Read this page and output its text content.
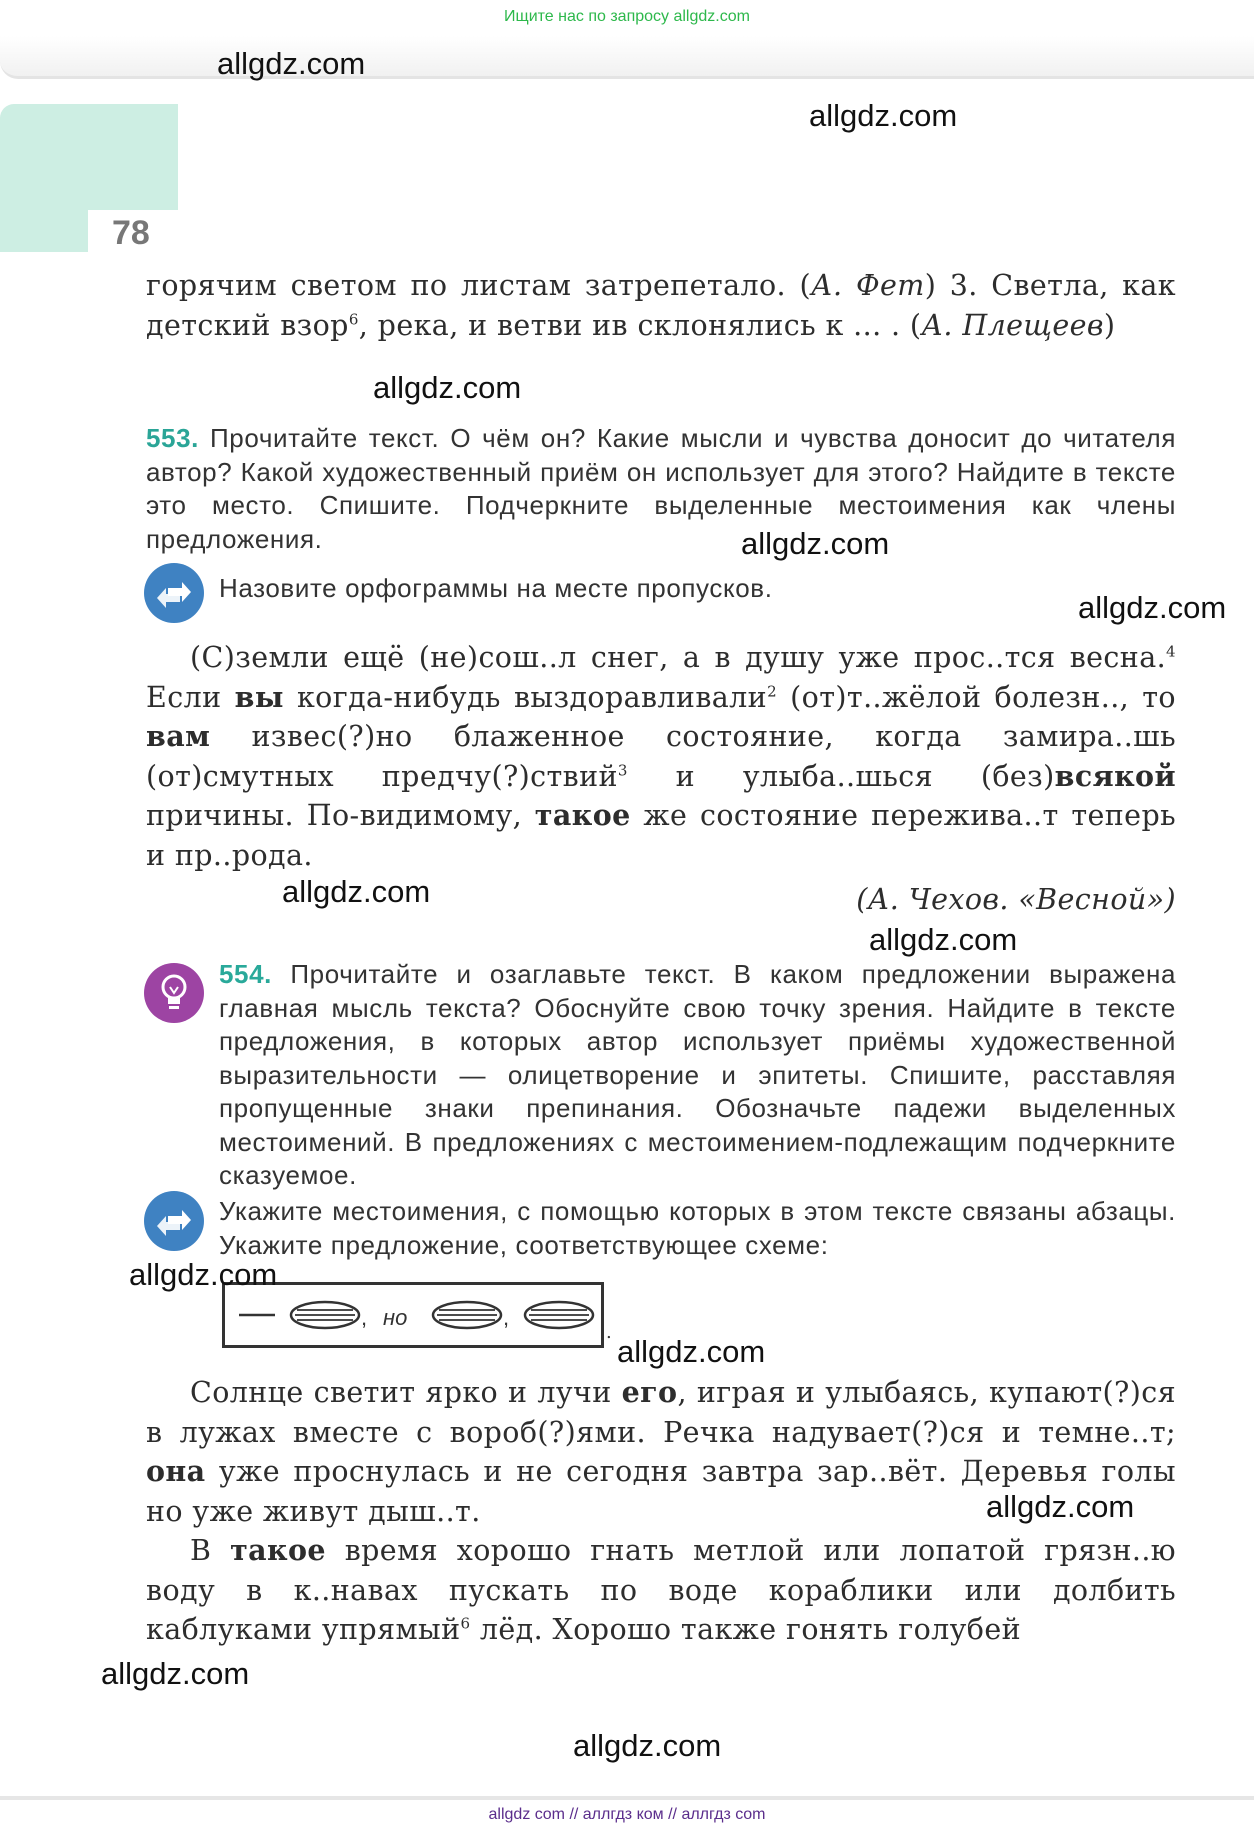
Ищите нас по запросу allgdz.com
78
горячим светом по листам затрепетало. (А. Фет) 3. Светла, как детский взор$^6$, река, и ветви ив склонялись к ... . (А. Плещеев)
553. Прочитайте текст. О чём он? Какие мысли и чувства доносит до читателя автор? Какой художественный приём он использует для этого? Найдите в тексте это место. Спишите. Подчеркните выделенные местоимения как члены предложения.
Назовите орфограммы на месте пропусков.
(С)земли ещё (не)сош..л снег, а в душу уже прос..тся весна.$^4$ Если вы когда-нибудь выздоравливали$^2$ (от)т..жёлой болезн.., то вам извес(?)но блаженное состояние, когда замира..шь (от)смутных предчу(?)ствий$^3$ и улыба..шься (без)всякой причины. По-видимому, такое же состояние пережива..т теперь и пр..рода.
(А. Чехов. «Весной»)
554. Прочитайте и озаглавьте текст. В каком предложении выражена главная мысль текста? Обоснуйте свою точку зрения. Найдите в тексте предложения, в которых автор использует приёмы художественной выразительности — олицетворение и эпитеты. Спишите, расставляя пропущенные знаки препинания. Обозначьте падежи выделенных местоимений. В предложениях с местоимением-подлежащим подчеркните сказуемое.
Укажите местоимения, с помощью которых в этом тексте связаны абзацы. Укажите предложение, соответствующее схеме:
, но	,
.
Солнце светит ярко и лучи его, играя и улыбаясь, купают(?)ся в лужах вместе с вороб(?)ями. Речка надувает(?)ся и темне..т; она уже проснулась и не сегодня завтра зар..вёт. Деревья голы но уже живут дыш..т.
В такое время хорошо гнать метлой или лопатой грязн..ю воду в к..навах пускать по воде кораблики или долбить каблуками упрямый$^6$ лёд. Хорошо также гонять голубей
allgdz.com
allgdz.com
allgdz.com
allgdz.com
allgdz.com
allgdz.com
allgdz.com
allgdz.com
allgdz.com
allgdz.com
allgdz.com
allgdz.com
allgdz com // аллгдз ком // аллгдз com
